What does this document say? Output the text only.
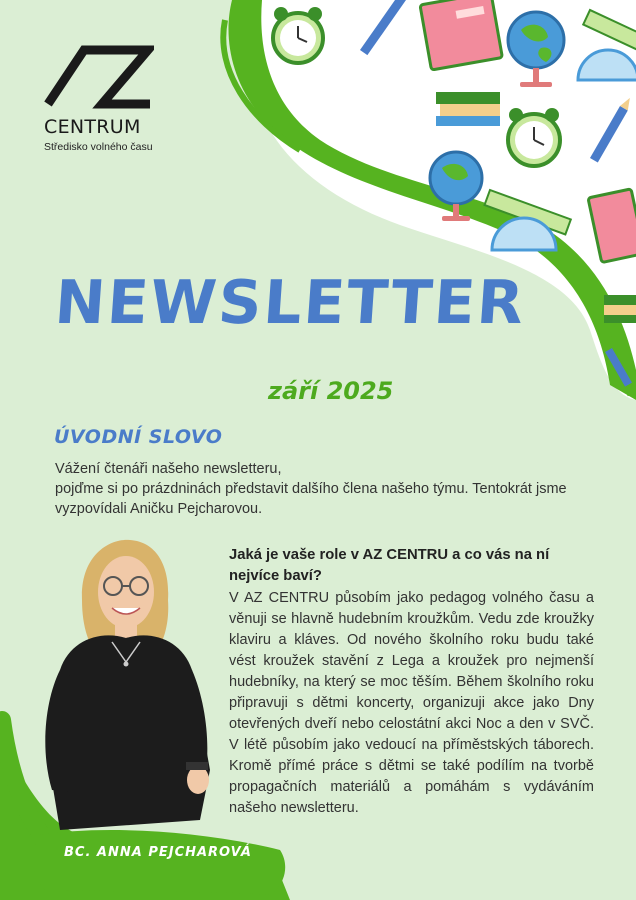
CENTRUM
Středisko volného času
NEWSLETTER
září 2025
ÚVODNÍ SLOVO

Vážení čtenáři našeho newsletteru,

pojďme si po prázdninách představit dalšího člena našeho týmu. Tentokrát jsme vyzpovídali Aničku Pejcharovou.

BC. ANNA PEJCHAROVÁ
Jaká je vaše role v AZ CENTRU a co vás na ní nejvíce baví?
V AZ CENTRU působím jako pedagog volného času a věnuji se hlavně hudebním kroužkům. Vedu zde kroužky klaviru a kláves. Od nového školního roku budu také vést kroužek stavění z Lega a kroužek pro nejmenší hudebníky, na který se moc těším. Během školního roku připravuji s dětmi koncerty, organizuji akce jako Dny otevřených dveří nebo celostátní akci Noc a den v SVČ. V létě působím jako vedoucí na příměstských táborech. Kromě přímé práce s dětmi se také podílím na tvorbě propagačních materiálů a pomáhám s vydáváním našeho newsletteru.
